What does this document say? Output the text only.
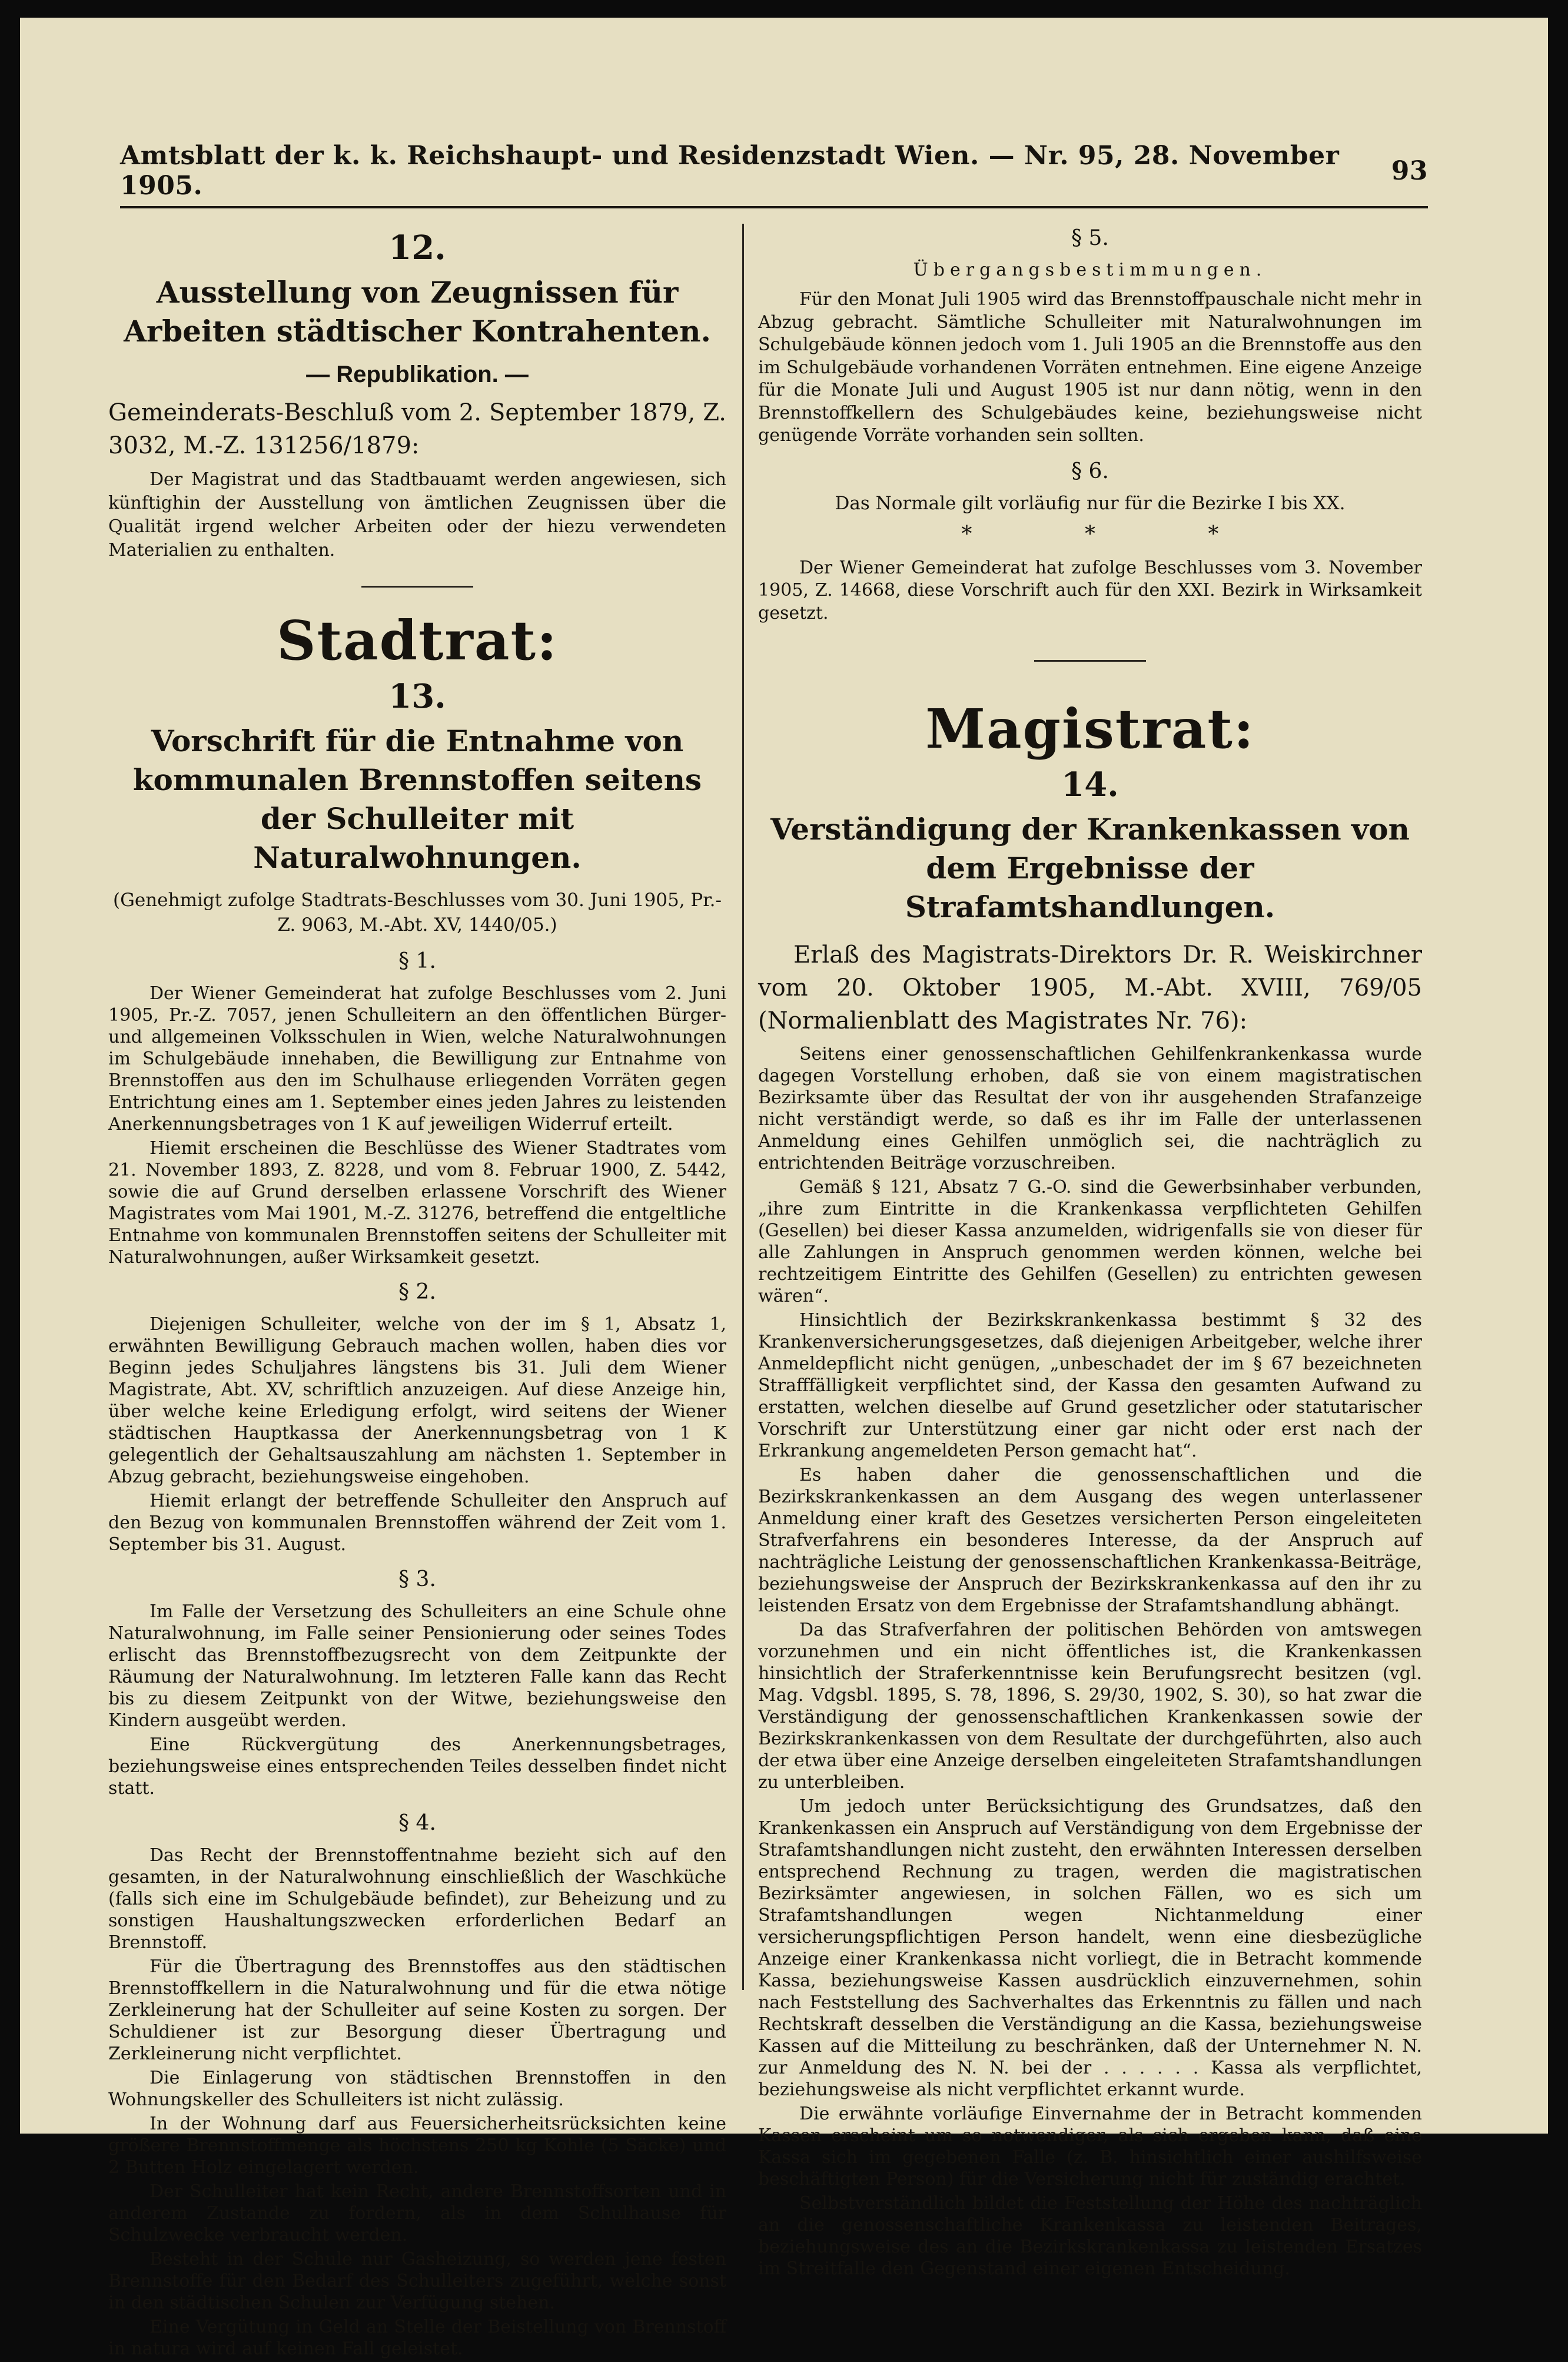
Amtsblatt der k. k. Reichshaupt- und Residenzstadt Wien. — Nr. 95, 28. November 1905.	93

12.

Ausstellung von Zeugnissen für Arbeiten städtischer Kontrahenten.

— Republikation. —

Gemeinderats-Beschluß vom 2. September 1879, Z. 3032, M.-Z. 131256/1879:

Der Magistrat und das Stadtbauamt werden angewiesen, sich künftighin der Ausstellung von ämtlichen Zeugnissen über die Qualität irgend welcher Arbeiten oder der hiezu verwendeten Materialien zu enthalten.

Stadtrat:

13.

Vorschrift für die Entnahme von kommunalen Brennstoffen seitens der Schulleiter mit Naturalwohnungen.

(Genehmigt zufolge Stadtrats-Beschlusses vom 30. Juni 1905, Pr.-Z. 9063, M.-Abt. XV, 1440/05.)

§ 1.

Der Wiener Gemeinderat hat zufolge Beschlusses vom 2. Juni 1905, Pr.-Z. 7057, jenen Schulleitern an den öffentlichen Bürger- und allgemeinen Volksschulen in Wien, welche Naturalwohnungen im Schulgebäude innehaben, die Bewilligung zur Entnahme von Brennstoffen aus den im Schulhause erliegenden Vorräten gegen Entrichtung eines am 1. September eines jeden Jahres zu leistenden Anerkennungsbetrages von 1 K auf jeweiligen Widerruf erteilt.

Hiemit erscheinen die Beschlüsse des Wiener Stadtrates vom 21. November 1893, Z. 8228, und vom 8. Februar 1900, Z. 5442, sowie die auf Grund derselben erlassene Vorschrift des Wiener Magistrates vom Mai 1901, M.-Z. 31276, betreffend die entgeltliche Entnahme von kommunalen Brennstoffen seitens der Schulleiter mit Naturalwohnungen, außer Wirksamkeit gesetzt.

§ 2.

Diejenigen Schulleiter, welche von der im § 1, Absatz 1, erwähnten Bewilligung Gebrauch machen wollen, haben dies vor Beginn jedes Schuljahres längstens bis 31. Juli dem Wiener Magistrate, Abt. XV, schriftlich anzuzeigen. Auf diese Anzeige hin, über welche keine Erledigung erfolgt, wird seitens der Wiener städtischen Hauptkassa der Anerkennungsbetrag von 1 K gelegentlich der Gehaltsauszahlung am nächsten 1. September in Abzug gebracht, beziehungsweise eingehoben.

Hiemit erlangt der betreffende Schulleiter den Anspruch auf den Bezug von kommunalen Brennstoffen während der Zeit vom 1. September bis 31. August.

§ 3.

Im Falle der Versetzung des Schulleiters an eine Schule ohne Naturalwohnung, im Falle seiner Pensionierung oder seines Todes erlischt das Brennstoffbezugsrecht von dem Zeitpunkte der Räumung der Naturalwohnung. Im letzteren Falle kann das Recht bis zu diesem Zeitpunkt von der Witwe, beziehungsweise den Kindern ausgeübt werden.

Eine Rückvergütung des Anerkennungsbetrages, beziehungsweise eines entsprechenden Teiles desselben findet nicht statt.

§ 4.

Das Recht der Brennstoffentnahme bezieht sich auf den gesamten, in der Naturalwohnung einschließlich der Waschküche (falls sich eine im Schulgebäude befindet), zur Beheizung und zu sonstigen Haushaltungszwecken erforderlichen Bedarf an Brennstoff.

Für die Übertragung des Brennstoffes aus den städtischen Brennstoffkellern in die Naturalwohnung und für die etwa nötige Zerkleinerung hat der Schulleiter auf seine Kosten zu sorgen. Der Schuldiener ist zur Besorgung dieser Übertragung und Zerkleinerung nicht verpflichtet.

Die Einlagerung von städtischen Brennstoffen in den Wohnungskeller des Schulleiters ist nicht zulässig.

In der Wohnung darf aus Feuersicherheitsrücksichten keine größere Brennstoffmenge als höchstens 250 kg Kohle (5 Säcke) und 2 Butten Holz eingelagert werden.

Der Schulleiter hat kein Recht, andere Brennstoffsorten und in anderem Zustande zu fordern, als in dem Schulhause für Schulzwecke verbraucht werden.

Besteht in der Schule nur Gasheizung, so werden jene festen Brennstoffe für den Bedarf des Schulleiters zugeführt, welche sonst in den städtischen Schulen zur Verfügung stehen.

Eine Vergütung in Geld an Stelle der Beistellung von Brennstoff in natura wird auf keinen Fall geleistet.

§ 5.

Übergangsbestimmungen.

Für den Monat Juli 1905 wird das Brennstoffpauschale nicht mehr in Abzug gebracht. Sämtliche Schulleiter mit Naturalwohnungen im Schulgebäude können jedoch vom 1. Juli 1905 an die Brennstoffe aus den im Schulgebäude vorhandenen Vorräten entnehmen. Eine eigene Anzeige für die Monate Juli und August 1905 ist nur dann nötig, wenn in den Brennstoffkellern des Schulgebäudes keine, beziehungsweise nicht genügende Vorräte vorhanden sein sollten.

§ 6.

Das Normale gilt vorläufig nur für die Bezirke I bis XX.

* * *

Der Wiener Gemeinderat hat zufolge Beschlusses vom 3. November 1905, Z. 14668, diese Vorschrift auch für den XXI. Bezirk in Wirksamkeit gesetzt.

Magistrat:

14.

Verständigung der Krankenkassen von dem Ergebnisse der Strafamtshandlungen.

Erlaß des Magistrats-Direktors Dr. R. Weiskirchner vom 20. Oktober 1905, M.-Abt. XVIII, 769/05 (Normalienblatt des Magistrates Nr. 76):

Seitens einer genossenschaftlichen Gehilfenkrankenkassa wurde dagegen Vorstellung erhoben, daß sie von einem magistratischen Bezirksamte über das Resultat der von ihr ausgehenden Strafanzeige nicht verständigt werde, so daß es ihr im Falle der unterlassenen Anmeldung eines Gehilfen unmöglich sei, die nachträglich zu entrichtenden Beiträge vorzuschreiben.

Gemäß § 121, Absatz 7 G.-O. sind die Gewerbsinhaber verbunden, „ihre zum Eintritte in die Krankenkassa verpflichteten Gehilfen (Gesellen) bei dieser Kassa anzumelden, widrigenfalls sie von dieser für alle Zahlungen in Anspruch genommen werden können, welche bei rechtzeitigem Eintritte des Gehilfen (Gesellen) zu entrichten gewesen wären“.

Hinsichtlich der Bezirkskrankenkassa bestimmt § 32 des Krankenversicherungsgesetzes, daß diejenigen Arbeitgeber, welche ihrer Anmeldepflicht nicht genügen, „unbeschadet der im § 67 bezeichneten Strafffälligkeit verpflichtet sind, der Kassa den gesamten Aufwand zu erstatten, welchen dieselbe auf Grund gesetzlicher oder statutarischer Vorschrift zur Unterstützung einer gar nicht oder erst nach der Erkrankung angemeldeten Person gemacht hat“.

Es haben daher die genossenschaftlichen und die Bezirkskrankenkassen an dem Ausgang des wegen unterlassener Anmeldung einer kraft des Gesetzes versicherten Person eingeleiteten Strafverfahrens ein besonderes Interesse, da der Anspruch auf nachträgliche Leistung der genossenschaftlichen Krankenkassa-Beiträge, beziehungsweise der Anspruch der Bezirkskrankenkassa auf den ihr zu leistenden Ersatz von dem Ergebnisse der Strafamtshandlung abhängt.

Da das Strafverfahren der politischen Behörden von amtswegen vorzunehmen und ein nicht öffentliches ist, die Krankenkassen hinsichtlich der Straferkenntnisse kein Berufungsrecht besitzen (vgl. Mag. Vdgsbl. 1895, S. 78, 1896, S. 29/30, 1902, S. 30), so hat zwar die Verständigung der genossenschaftlichen Krankenkassen sowie der Bezirkskrankenkassen von dem Resultate der durchgeführten, also auch der etwa über eine Anzeige derselben eingeleiteten Strafamtshandlungen zu unterbleiben.

Um jedoch unter Berücksichtigung des Grundsatzes, daß den Krankenkassen ein Anspruch auf Verständigung von dem Ergebnisse der Strafamtshandlungen nicht zusteht, den erwähnten Interessen derselben entsprechend Rechnung zu tragen, werden die magistratischen Bezirksämter angewiesen, in solchen Fällen, wo es sich um Strafamtshandlungen wegen Nichtanmeldung einer versicherungspflichtigen Person handelt, wenn eine diesbezügliche Anzeige einer Krankenkassa nicht vorliegt, die in Betracht kommende Kassa, beziehungsweise Kassen ausdrücklich einzuvernehmen, sohin nach Feststellung des Sachverhaltes das Erkenntnis zu fällen und nach Rechtskraft desselben die Verständigung an die Kassa, beziehungsweise Kassen auf die Mitteilung zu beschränken, daß der Unternehmer N. N. zur Anmeldung des N. N. bei der . . . . . . Kassa als verpflichtet, beziehungsweise als nicht verpflichtet erkannt wurde.

Die erwähnte vorläufige Einvernahme der in Betracht kommenden Kassen erscheint um so notwendiger, als sich ergeben kann, daß eine Kassa sich im gegebenen Falle (z. B. hinsichtlich einer aushilfsweise beschäftigten Person) für die Versicherung nicht für zuständig erachtet.

Selbstverständlich bildet die Feststellung der Höhe des nachträglich an die genossenschaftliche Krankenkassa zu leistenden Beitrages, beziehungsweise des an die Bezirkskrankenkassa zu leistenden Ersatzes im Streitfalle den Gegenstand einer eigenen Entscheidung.
